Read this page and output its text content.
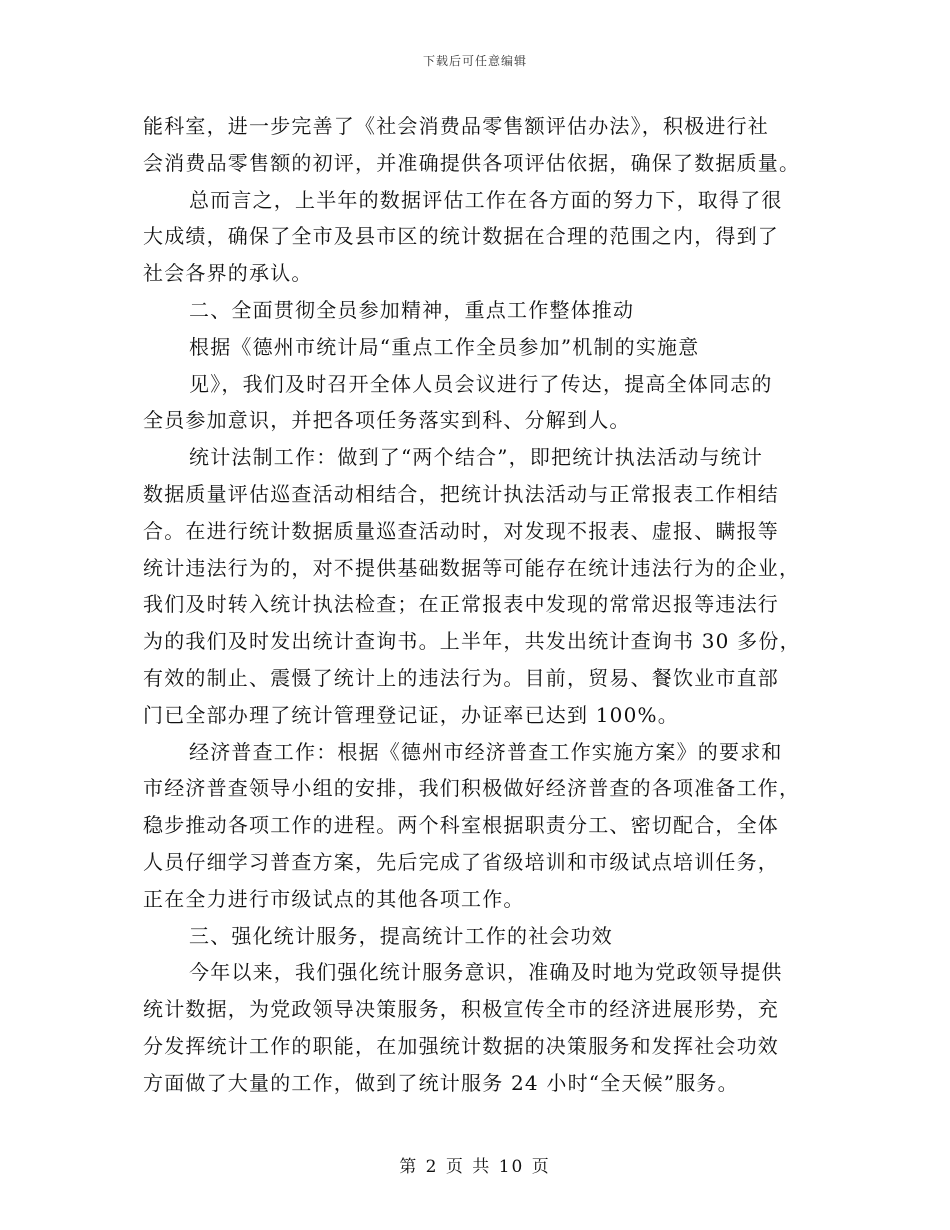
下载后可任意编辑
能科室，进一步完善了《社会消费品零售额评估办法》，积极进行社
会消费品零售额的初评，并准确提供各项评估依据，确保了数据质量。
总而言之，上半年的数据评估工作在各方面的努力下，取得了很
大成绩，确保了全市及县市区的统计数据在合理的范围之内，得到了
社会各界的承认。
二、全面贯彻全员参加精神，重点工作整体推动
根据《德州市统计局“重点工作全员参加”机制的实施意
见》，我们及时召开全体人员会议进行了传达，提高全体同志的
全员参加意识，并把各项任务落实到科、分解到人。
统计法制工作：做到了“两个结合”，即把统计执法活动与统计
数据质量评估巡查活动相结合，把统计执法活动与正常报表工作相结
合。在进行统计数据质量巡查活动时，对发现不报表、虚报、瞒报等
统计违法行为的，对不提供基础数据等可能存在统计违法行为的企业，
我们及时转入统计执法检查；在正常报表中发现的常常迟报等违法行
为的我们及时发出统计查询书。上半年，共发出统计查询书 30 多份，
有效的制止、震慑了统计上的违法行为。目前，贸易、餐饮业市直部
门已全部办理了统计管理登记证，办证率已达到 100%。
经济普查工作：根据《德州市经济普查工作实施方案》的要求和
市经济普查领导小组的安排，我们积极做好经济普查的各项准备工作，
稳步推动各项工作的进程。两个科室根据职责分工、密切配合，全体
人员仔细学习普查方案，先后完成了省级培训和市级试点培训任务，
正在全力进行市级试点的其他各项工作。
三、强化统计服务，提高统计工作的社会功效
今年以来，我们强化统计服务意识，准确及时地为党政领导提供
统计数据，为党政领导决策服务，积极宣传全市的经济进展形势，充
分发挥统计工作的职能，在加强统计数据的决策服务和发挥社会功效
方面做了大量的工作，做到了统计服务 24 小时“全天候”服务。
第 2 页 共 10 页
